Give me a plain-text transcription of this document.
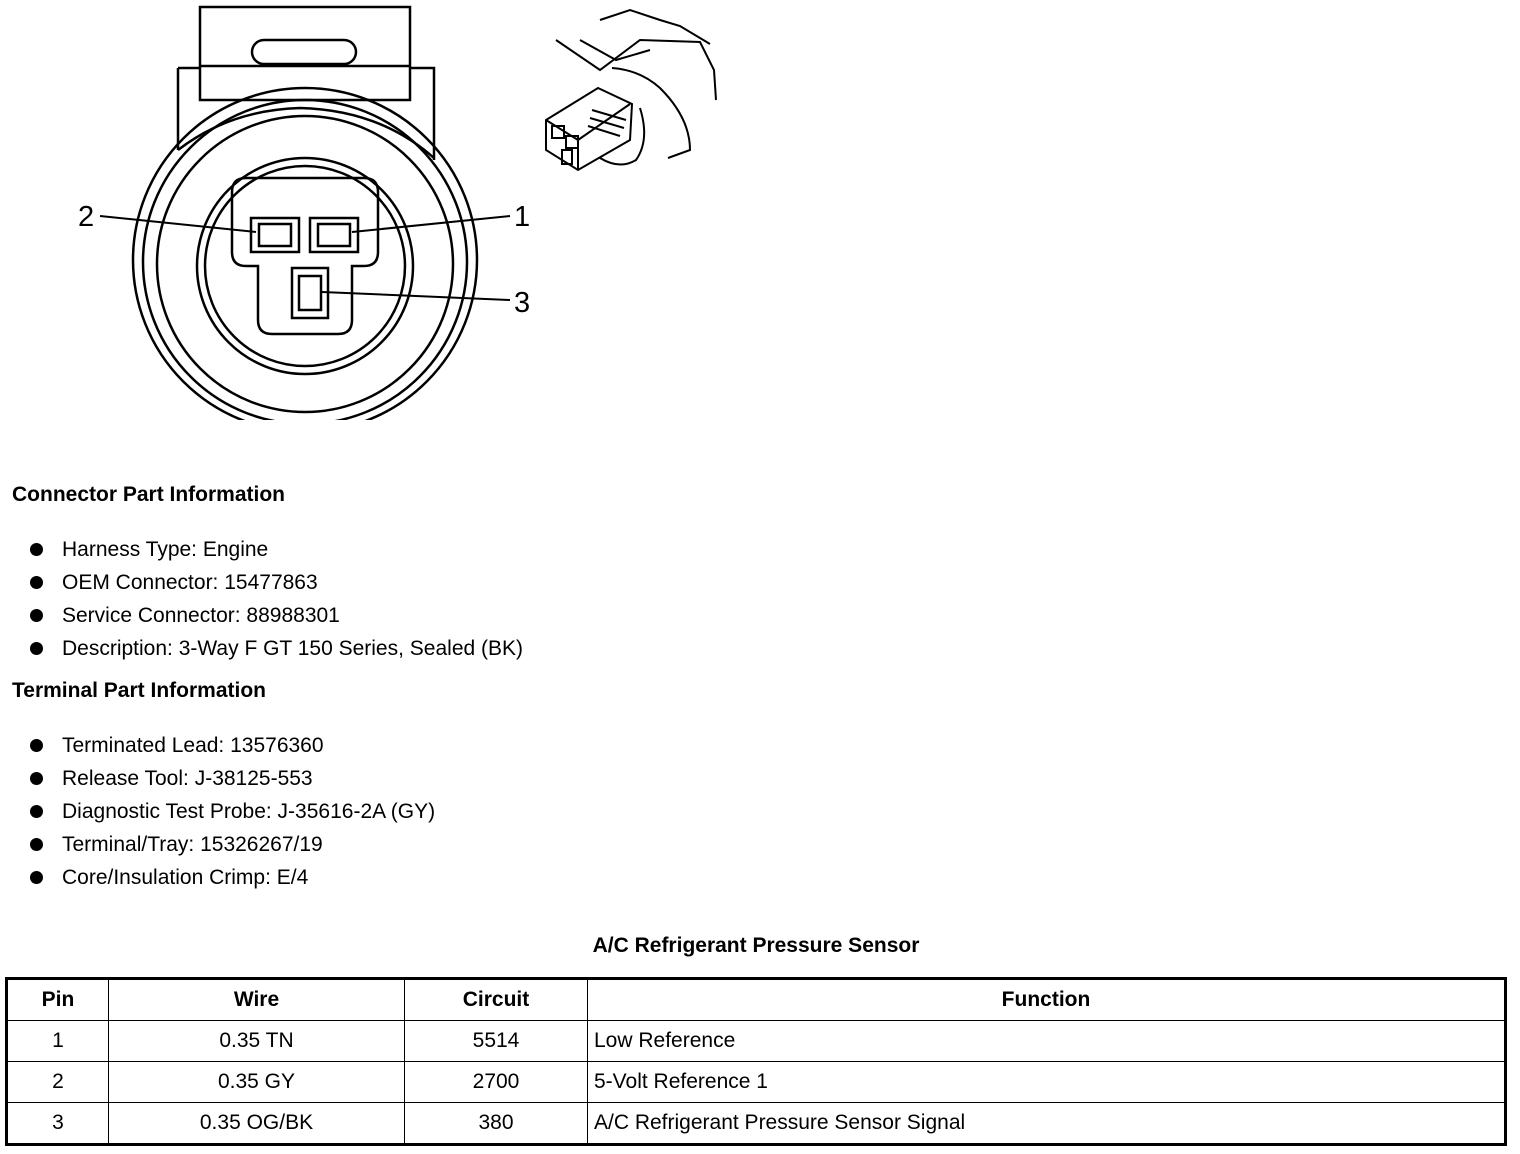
2	1
3
Connector Part Information
Harness Type: Engine
OEM Connector: 15477863
Service Connector: 88988301
Description: 3-Way F GT 150 Series, Sealed (BK)
Terminal Part Information
Terminated Lead: 13576360
Release Tool: J-38125-553
Diagnostic Test Probe: J-35616-2A (GY)
Terminal/Tray: 15326267/19
Core/Insulation Crimp: E/4
A/C Refrigerant Pressure Sensor
Pin	Wire	Circuit	Function
1	0.35 TN	5514	Low Reference
2	0.35 GY	2700	5-Volt Reference 1
3	0.35 OG/BK	380	A/C Refrigerant Pressure Sensor Signal
